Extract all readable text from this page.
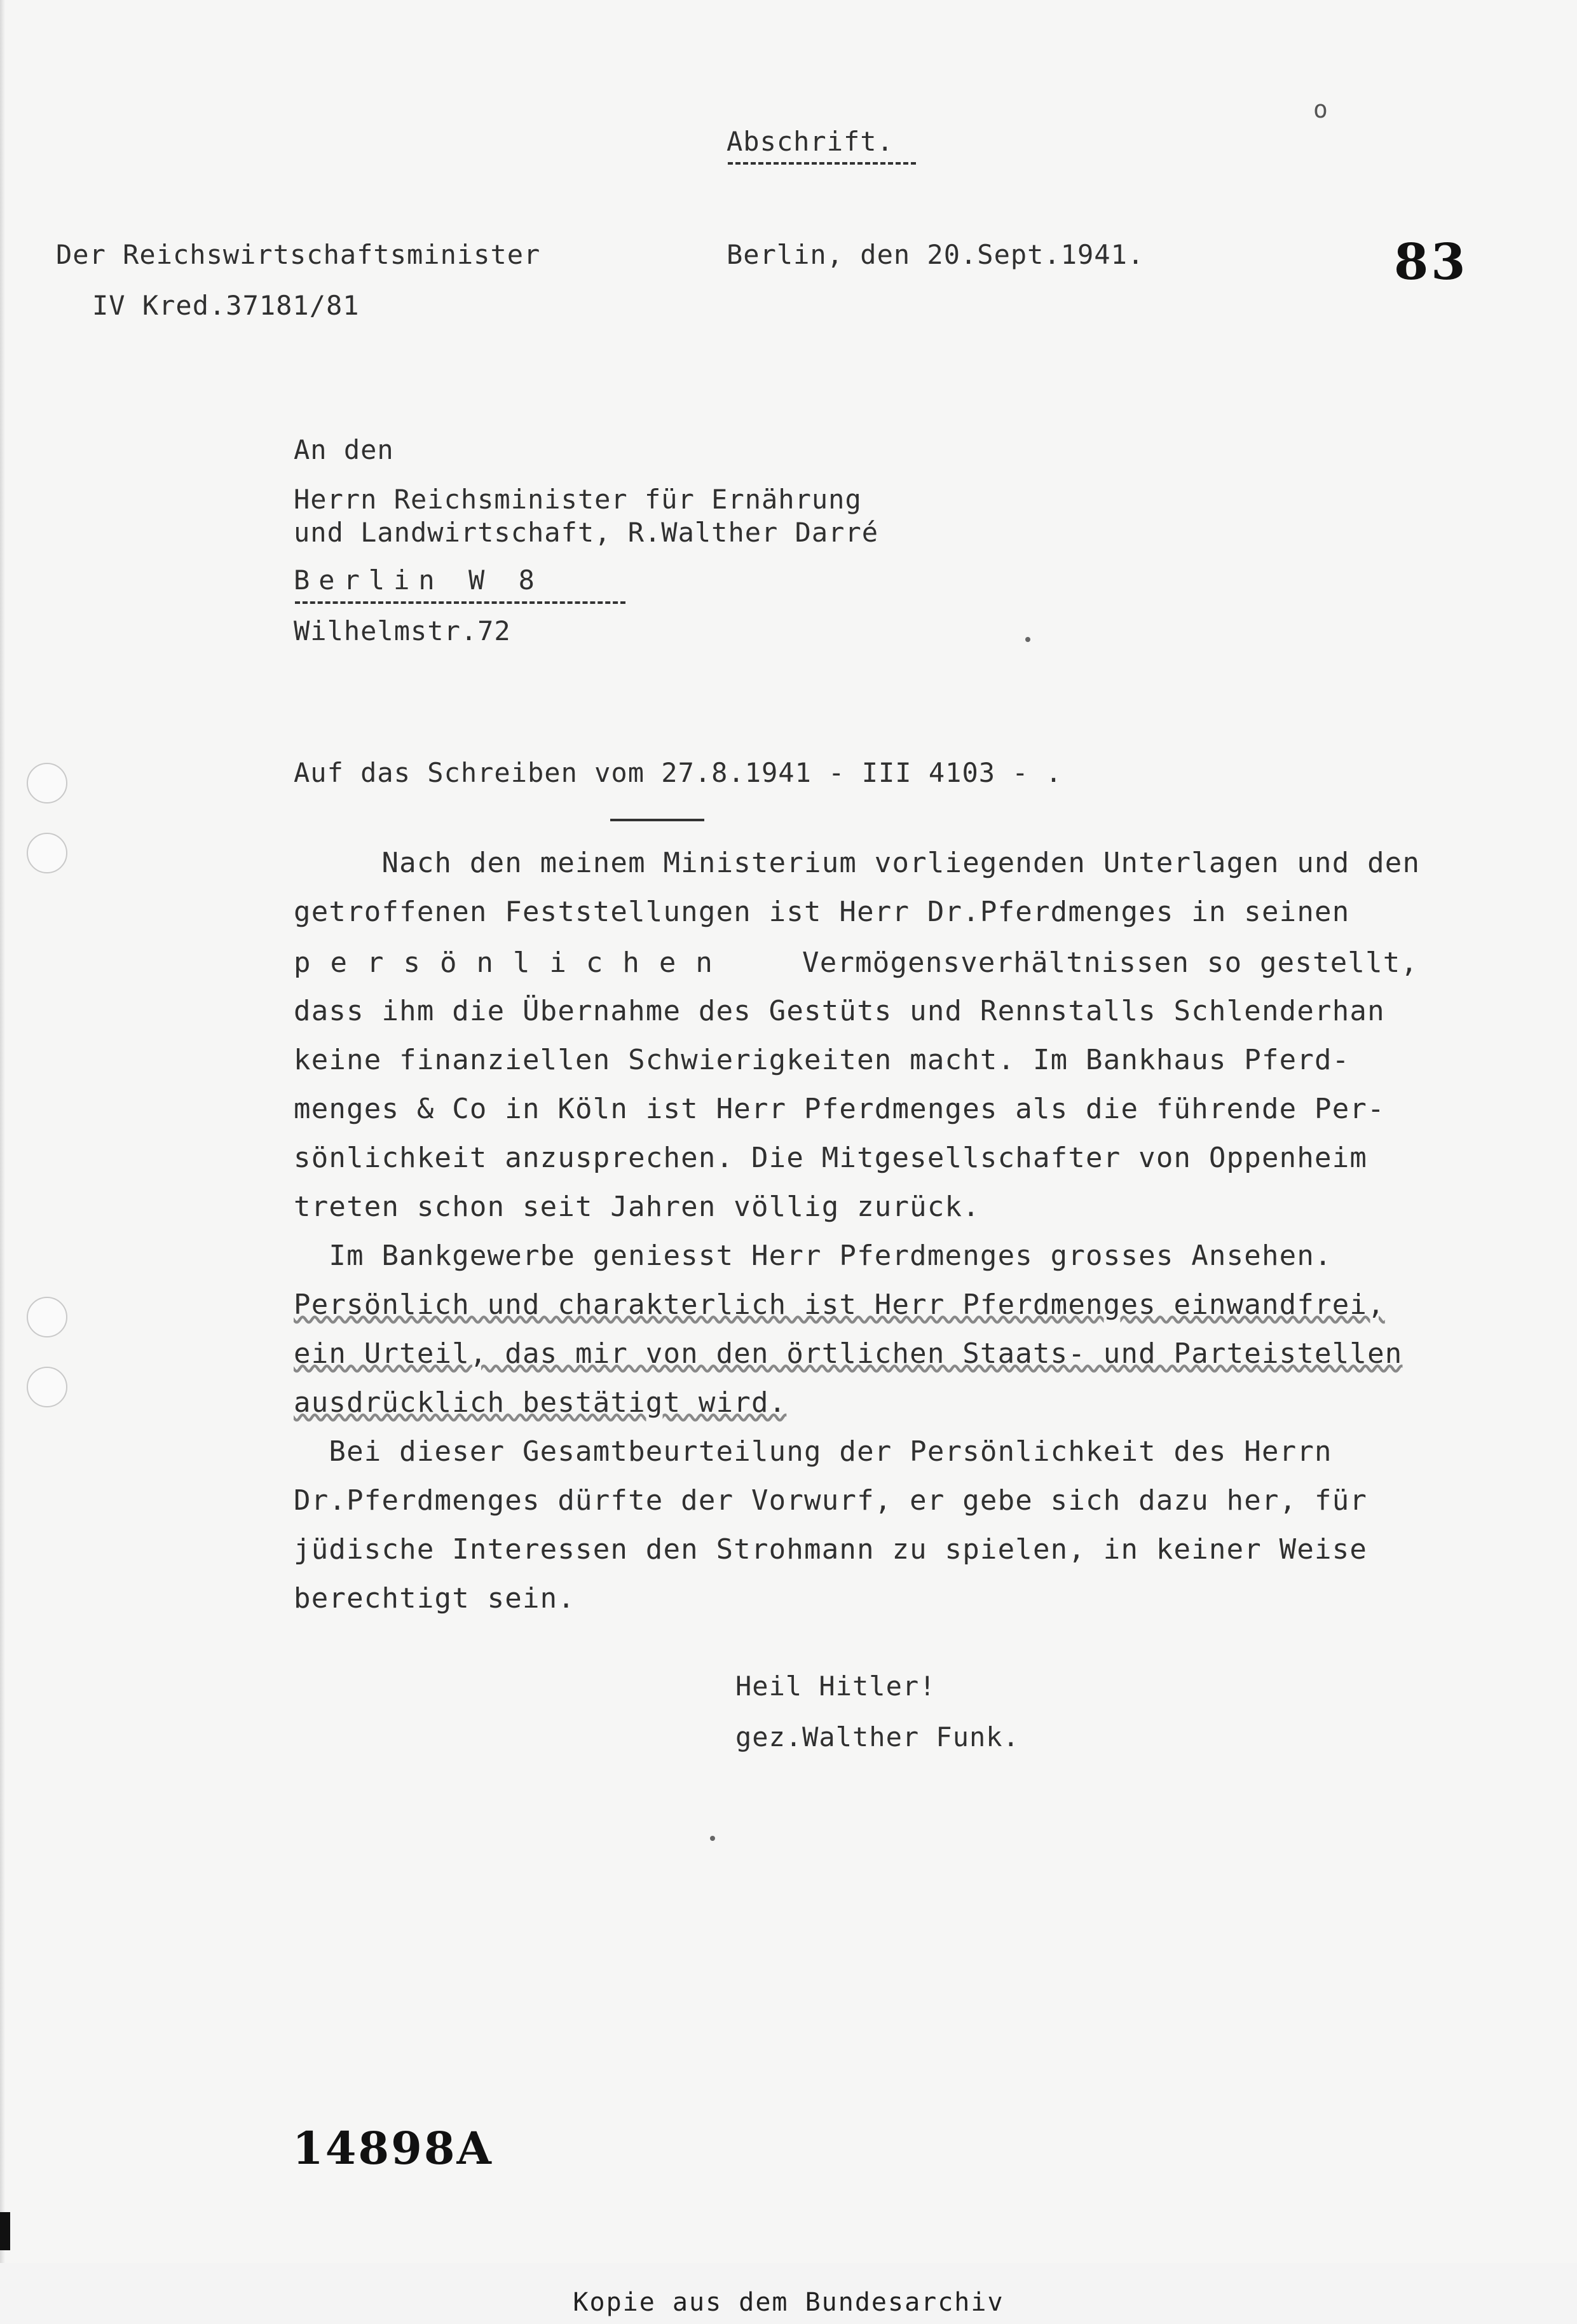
o
Abschrift.
Der Reichswirtschaftsminister
IV Kred.37181/81
Berlin, den 20.Sept.1941.	83
An den
Herrn Reichsminister für Ernährung
und Landwirtschaft, R.Walther Darré
Berlin W 8
Wilhelmstr.72
Auf das Schreiben vom 27.8.1941 - III 4103 - .
Nach den meinem Ministerium vorliegenden Unterlagen und den
getroffenen Feststellungen ist Herr Dr.Pferdmenges in seinen
persönlichen	Vermögensverhältnissen so gestellt,
dass ihm die Übernahme des Gestüts und Rennstalls Schlenderhan
keine finanziellen Schwierigkeiten macht. Im Bankhaus Pferd-
menges & Co in Köln ist Herr Pferdmenges als die führende Per-
sönlichkeit anzusprechen. Die Mitgesellschafter von Oppenheim
treten schon seit Jahren völlig zurück.
Im Bankgewerbe geniesst Herr Pferdmenges grosses Ansehen.
Persönlich und charakterlich ist Herr Pferdmenges einwandfrei,
ein Urteil, das mir von den örtlichen Staats- und Parteistellen
ausdrücklich bestätigt wird.
Bei dieser Gesamtbeurteilung der Persönlichkeit des Herrn
Dr.Pferdmenges dürfte der Vorwurf, er gebe sich dazu her, für
jüdische Interessen den Strohmann zu spielen, in keiner Weise
berechtigt sein.
Heil Hitler!
gez.Walther Funk.
14898A
Kopie aus dem Bundesarchiv
